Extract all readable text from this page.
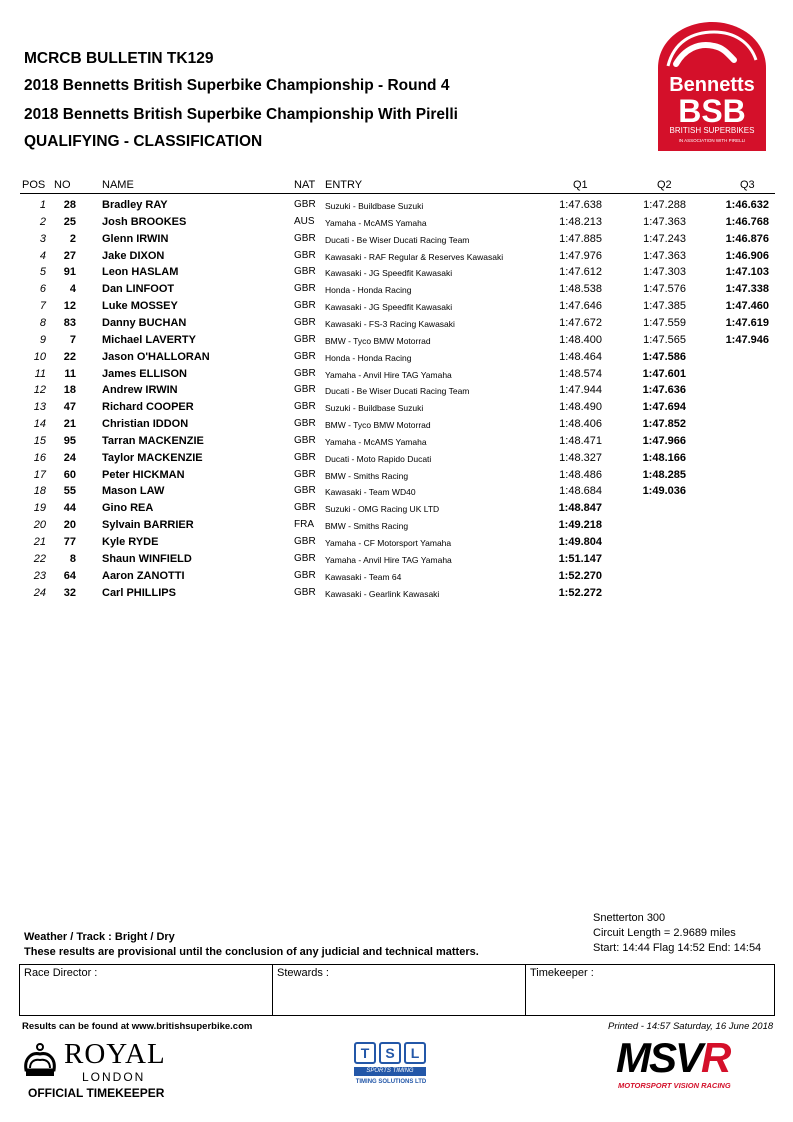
MCRCB BULLETIN TK129
2018 Bennetts British Superbike Championship - Round 4
2018 Bennetts British Superbike Championship With Pirelli
QUALIFYING - CLASSIFICATION
Bennetts
BSB
BRITISH SUPERBIKES
IN ASSOCIATION WITH PIRELLI
POS NO	NAME	NAT ENTRY	Q1	Q2	Q3
1	28 Bradley RAY	GBR Suzuki - Buildbase Suzuki	1:47.638	1:47.288	1:46.632
2	25 Josh BROOKES	AUS Yamaha - McAMS Yamaha	1:48.213	1:47.363	1:46.768
3	2 Glenn IRWIN	GBR Ducati - Be Wiser Ducati Racing Team	1:47.885	1:47.243	1:46.876
4	27 Jake DIXON	GBR Kawasaki - RAF Regular & Reserves Kawasaki	1:47.976	1:47.363	1:46.906
5	91 Leon HASLAM	GBR Kawasaki - JG Speedfit Kawasaki	1:47.612	1:47.303	1:47.103
6	4 Dan LINFOOT	GBR Honda - Honda Racing	1:48.538	1:47.576	1:47.338
7	12 Luke MOSSEY	GBR Kawasaki - JG Speedfit Kawasaki	1:47.646	1:47.385	1:47.460
8	83 Danny BUCHAN	GBR Kawasaki - FS-3 Racing Kawasaki	1:47.672	1:47.559	1:47.619
9	7 Michael LAVERTY	GBR BMW - Tyco BMW Motorrad	1:48.400	1:47.565	1:47.946
10	22 Jason O'HALLORAN	GBR Honda - Honda Racing	1:48.464	1:47.586
11	11 James ELLISON	GBR Yamaha - Anvil Hire TAG Yamaha	1:48.574	1:47.601
12	18 Andrew IRWIN	GBR Ducati - Be Wiser Ducati Racing Team	1:47.944	1:47.636
13	47 Richard COOPER	GBR Suzuki - Buildbase Suzuki	1:48.490	1:47.694
14	21 Christian IDDON	GBR BMW - Tyco BMW Motorrad	1:48.406	1:47.852
15	95 Tarran MACKENZIE	GBR Yamaha - McAMS Yamaha	1:48.471	1:47.966
16	24 Taylor MACKENZIE	GBR Ducati - Moto Rapido Ducati	1:48.327	1:48.166
17	60 Peter HICKMAN	GBR BMW - Smiths Racing	1:48.486	1:48.285
18	55 Mason LAW	GBR Kawasaki - Team WD40	1:48.684	1:49.036
19	44 Gino REA	GBR Suzuki - OMG Racing UK LTD	1:48.847
20	20 Sylvain BARRIER	FRA BMW - Smiths Racing	1:49.218
21	77 Kyle RYDE	GBR Yamaha - CF Motorsport Yamaha	1:49.804
22	8 Shaun WINFIELD	GBR Yamaha - Anvil Hire TAG Yamaha	1:51.147
23	64 Aaron ZANOTTI	GBR Kawasaki - Team 64	1:52.270
24	32 Carl PHILLIPS	GBR Kawasaki - Gearlink Kawasaki	1:52.272
Snetterton 300
Circuit Length = 2.9689 miles
Start: 14:44 Flag 14:52 End: 14:54
Weather / Track : Bright / Dry
These results are provisional until the conclusion of any judicial and technical matters.
Race Director :	Stewards :	Timekeeper :
Results can be found at www.britishsuperbike.com	Printed - 14:57 Saturday, 16 June 2018
ROYAL
LONDON
OFFICIAL TIMEKEEPER
T	S	L
SPORTS TIMING
TIMING SOLUTIONS LTD
MSVR
MOTORSPORT VISION RACING
